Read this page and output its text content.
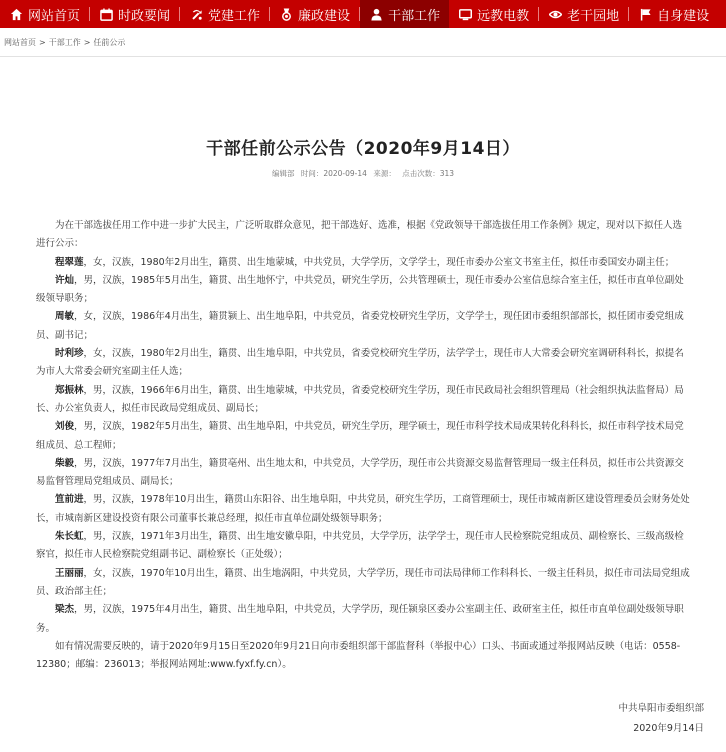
网站首页	时政要闻	党建工作	廉政建设	干部工作	远教电教	老干园地	自身建设
网站首页 > 干部工作 > 任前公示
干部任前公示公告（2020年9月14日）
编辑部 时间：2020-09-14 来源： 点击次数：313

为在干部选拔任用工作中进一步扩大民主，广泛听取群众意见，把干部选好、选准，根据《党政领导干部选拔任用工作条例》规定，现对以下拟任人选进行公示：

程翠莲，女，汉族，1980年2月出生，籍贯、出生地蒙城，中共党员，大学学历，文学学士，现任市委办公室文书室主任，拟任市委国安办副主任；

许灿，男，汉族，1985年5月出生，籍贯、出生地怀宁，中共党员，研究生学历，公共管理硕士，现任市委办公室信息综合室主任，拟任市直单位副处级领导职务；

周敏，女，汉族，1986年4月出生，籍贯颍上、出生地阜阳，中共党员，省委党校研究生学历，文学学士，现任团市委组织部部长，拟任团市委党组成员、副书记；

时利珍，女，汉族，1980年2月出生，籍贯、出生地阜阳，中共党员，省委党校研究生学历，法学学士，现任市人大常委会研究室调研科科长，拟提名为市人大常委会研究室副主任人选；

郑振林，男，汉族，1966年6月出生，籍贯、出生地蒙城，中共党员，省委党校研究生学历，现任市民政局社会组织管理局（社会组织执法监督局）局长、办公室负责人，拟任市民政局党组成员、副局长；

刘俊，男，汉族，1982年5月出生，籍贯、出生地阜阳，中共党员，研究生学历，理学硕士，现任市科学技术局成果转化科科长，拟任市科学技术局党组成员、总工程师；

柴毅，男，汉族，1977年7月出生，籍贯亳州、出生地太和，中共党员，大学学历，现任市公共资源交易监督管理局一级主任科员，拟任市公共资源交易监督管理局党组成员、副局长；

笪前进，男，汉族，1978年10月出生，籍贯山东阳谷、出生地阜阳，中共党员，研究生学历，工商管理硕士，现任市城南新区建设管理委员会财务处处长，市城南新区建设投资有限公司董事长兼总经理，拟任市直单位副处级领导职务；

朱长虹，男，汉族，1971年3月出生，籍贯、出生地安徽阜阳，中共党员，大学学历，法学学士，现任市人民检察院党组成员、副检察长、三级高级检察官，拟任市人民检察院党组副书记、副检察长（正处级）；

王丽丽，女，汉族，1970年10月出生，籍贯、出生地涡阳，中共党员，大学学历，现任市司法局律师工作科科长、一级主任科员，拟任市司法局党组成员、政治部主任；

梁杰，男，汉族，1975年4月出生，籍贯、出生地阜阳，中共党员，大学学历，现任颍泉区委办公室副主任、政研室主任，拟任市直单位副处级领导职务。

如有情况需要反映的，请于2020年9月15日至2020年9月21日向市委组织部干部监督科（举报中心）口头、书面或通过举报网站反映（电话：0558-12380；邮编：236013；举报网站网址:www.fyxf.fy.cn）。

中共阜阳市委组织部
2020年9月14日
